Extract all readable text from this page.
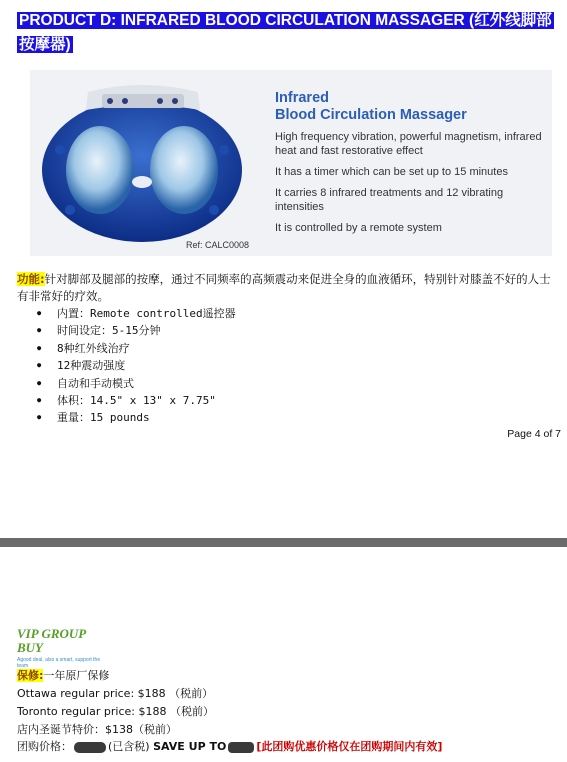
PRODUCT D: INFRARED BLOOD CIRCULATION MASSAGER (红外线脚部按摩器)
Infrared
Blood Circulation Massager
High frequency vibration, powerful magnetism, infrared heat and fast restorative effect
It has a timer which can be set up to 15 minutes
It carries 8 infrared treatments and 12 vibrating intensities
It is controlled by a remote system
Ref: CALC0008
功能:针对脚部及腿部的按摩，通过不同频率的高频震动来促进全身的血液循环，特别针对膝盖不好的人士有非常好的疗效。
● 内置：Remote controlled遥控器
● 时间设定：5-15分钟
● 8种红外线治疗
● 12种震动强度
● 自动和手动模式
● 体积：14.5" x 13" x 7.75"
● 重量：15 pounds
Page 4 of 7
VIP GROUP BUY
Agood deal, also a smart, support the team
保修:一年原厂保修
Ottawa regular price: $188 （税前）
Toronto regular price: $188 （税前）
店内圣诞节特价：$138（税前）
团购价格：	(已含税) SAVE UP TO	[此团购优惠价格仅在团购期间内有效]
